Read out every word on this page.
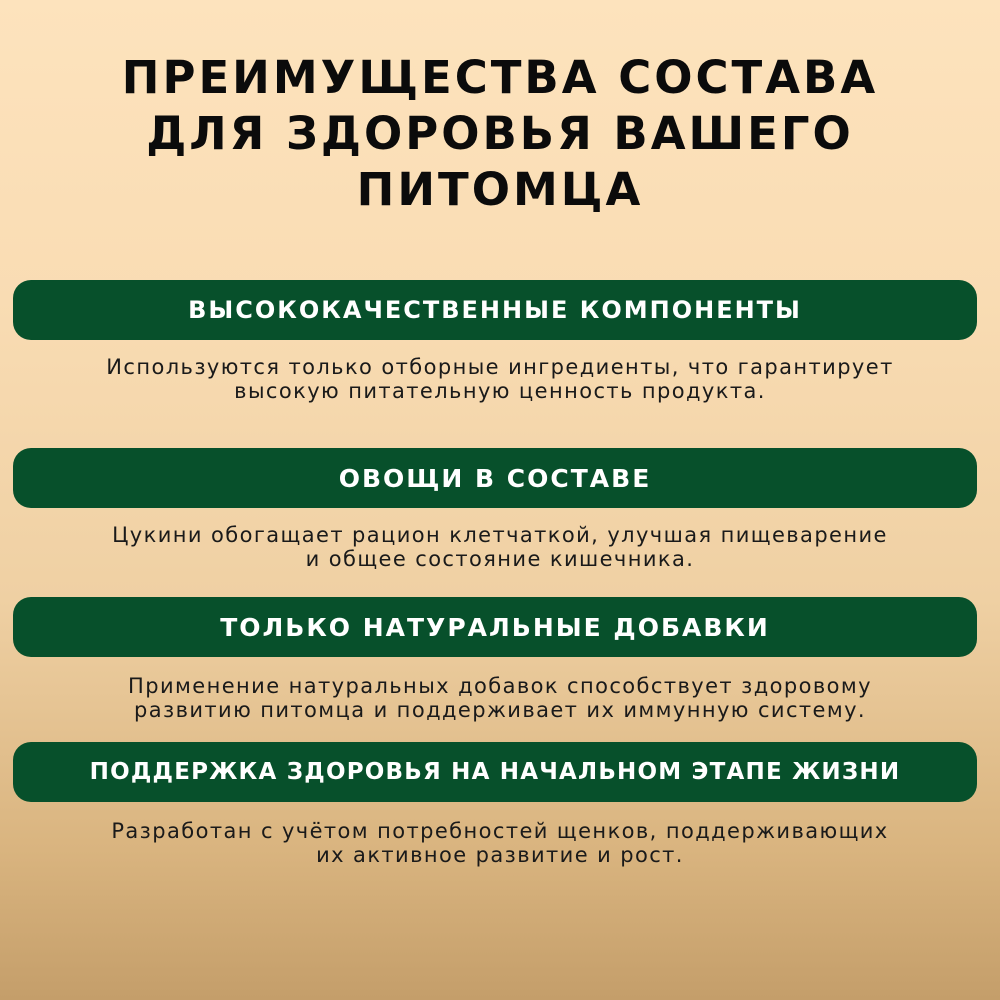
ПРЕИМУЩЕСТВА СОСТАВА
ДЛЯ ЗДОРОВЬЯ ВАШЕГО
ПИТОМЦА
ВЫСОКОКАЧЕСТВЕННЫЕ КОМПОНЕНТЫ
Используются только отборные ингредиенты, что гарантирует
высокую питательную ценность продукта.
ОВОЩИ В СОСТАВЕ
Цукини обогащает рацион клетчаткой, улучшая пищеварение
и общее состояние кишечника.
ТОЛЬКО НАТУРАЛЬНЫЕ ДОБАВКИ
Применение натуральных добавок способствует здоровому
развитию питомца и поддерживает их иммунную систему.
ПОДДЕРЖКА ЗДОРОВЬЯ НА НАЧАЛЬНОМ ЭТАПЕ ЖИЗНИ
Разработан с учётом потребностей щенков, поддерживающих
их активное развитие и рост.
